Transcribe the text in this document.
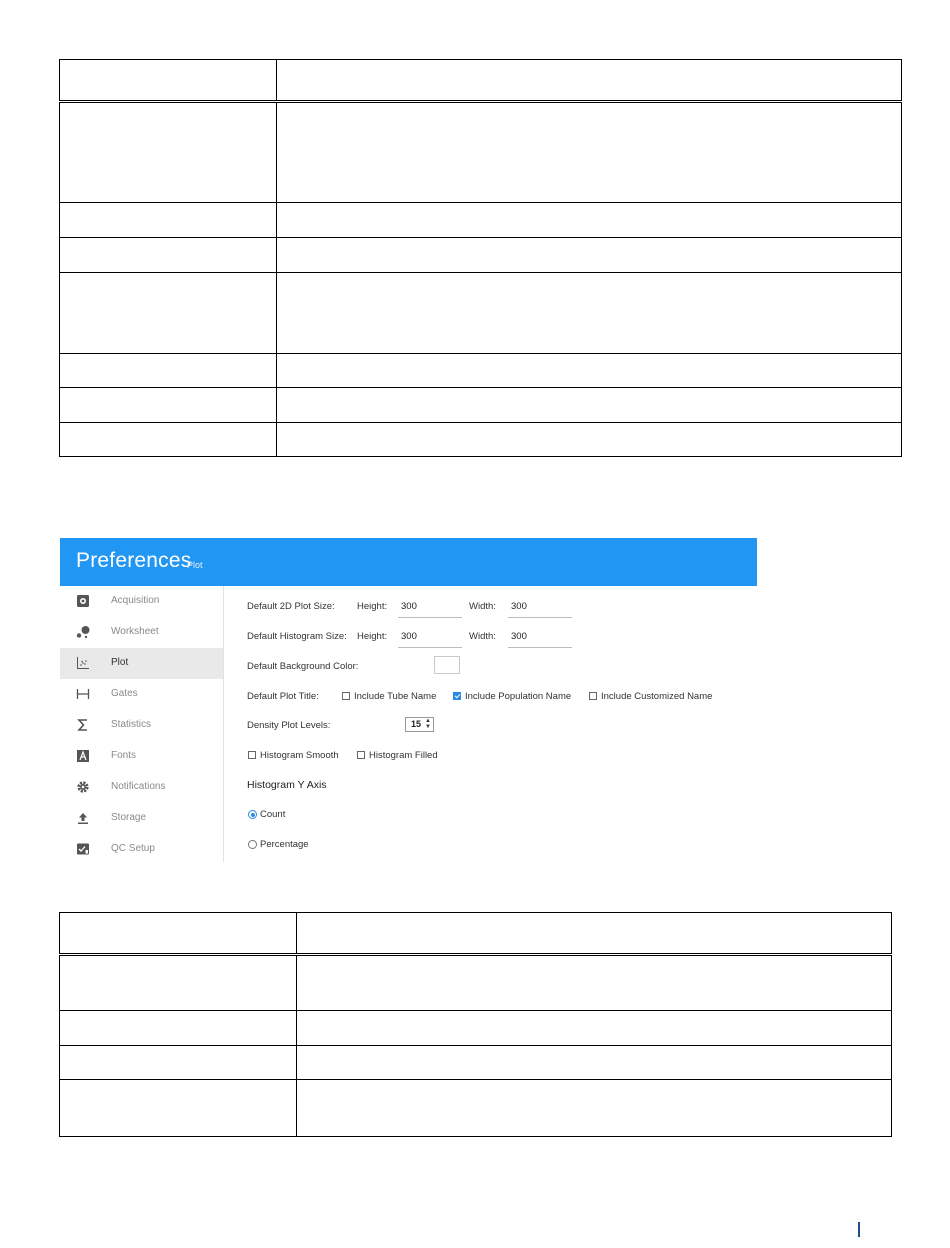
Preferences
Plot
Acquisition
Worksheet
Plot
Gates
Statistics
Fonts
Notifications
Storage
QC Setup
Default 2D Plot Size: Height: 300	Width: 300
Default Histogram Size: Height: 300	Width: 300
Default Background Color:
Default Plot Title:	Include Tube Name	Include Population Name	Include Customized Name
Density Plot Levels:	15 ▲
▼
Histogram Smooth	Histogram Filled
Histogram Y Axis
Count
Percentage
